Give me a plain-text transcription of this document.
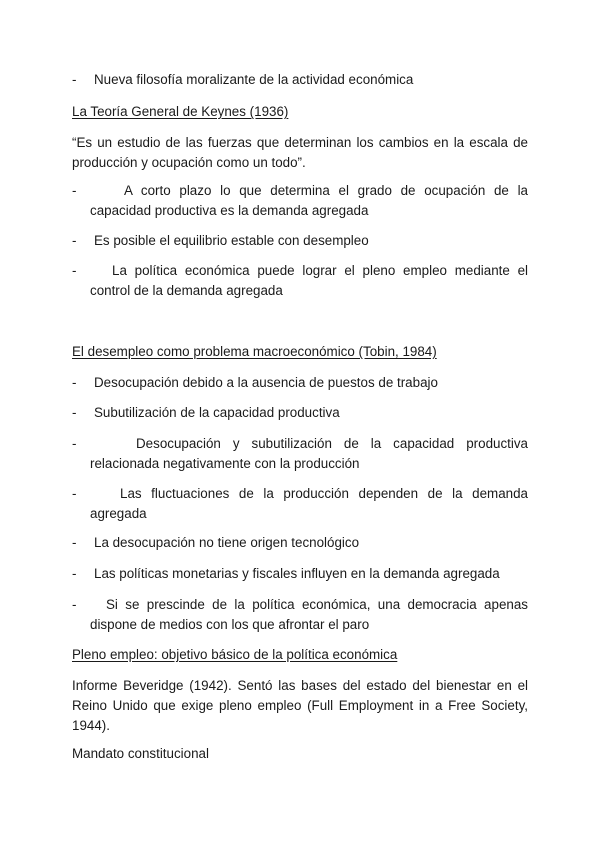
-	Nueva filosofía moralizante de la actividad económica
La Teoría General de Keynes (1936)
“Es un estudio de las fuerzas que determinan los cambios en la escala de producción y ocupación como un todo”.
-	A corto plazo lo que determina el grado de ocupación de la capacidad productiva es la demanda agregada
-	Es posible el equilibrio estable con desempleo
-	La política económica puede lograr el pleno empleo mediante el control de la demanda agregada
El desempleo como problema macroeconómico (Tobin, 1984)
-	Desocupación debido a la ausencia de puestos de trabajo
-	Subutilización de la capacidad productiva
-	Desocupación y subutilización de la capacidad productiva relacionada negativamente con la producción
-	Las fluctuaciones de la producción dependen de la demanda agregada
-	La desocupación no tiene origen tecnológico
-	Las políticas monetarias y fiscales influyen en la demanda agregada
-	Si se prescinde de la política económica, una democracia apenas dispone de medios con los que afrontar el paro
Pleno empleo: objetivo básico de la política económica
Informe Beveridge (1942). Sentó las bases del estado del bienestar en el Reino Unido que exige pleno empleo (Full Employment in a Free Society, 1944).
Mandato constitucional
